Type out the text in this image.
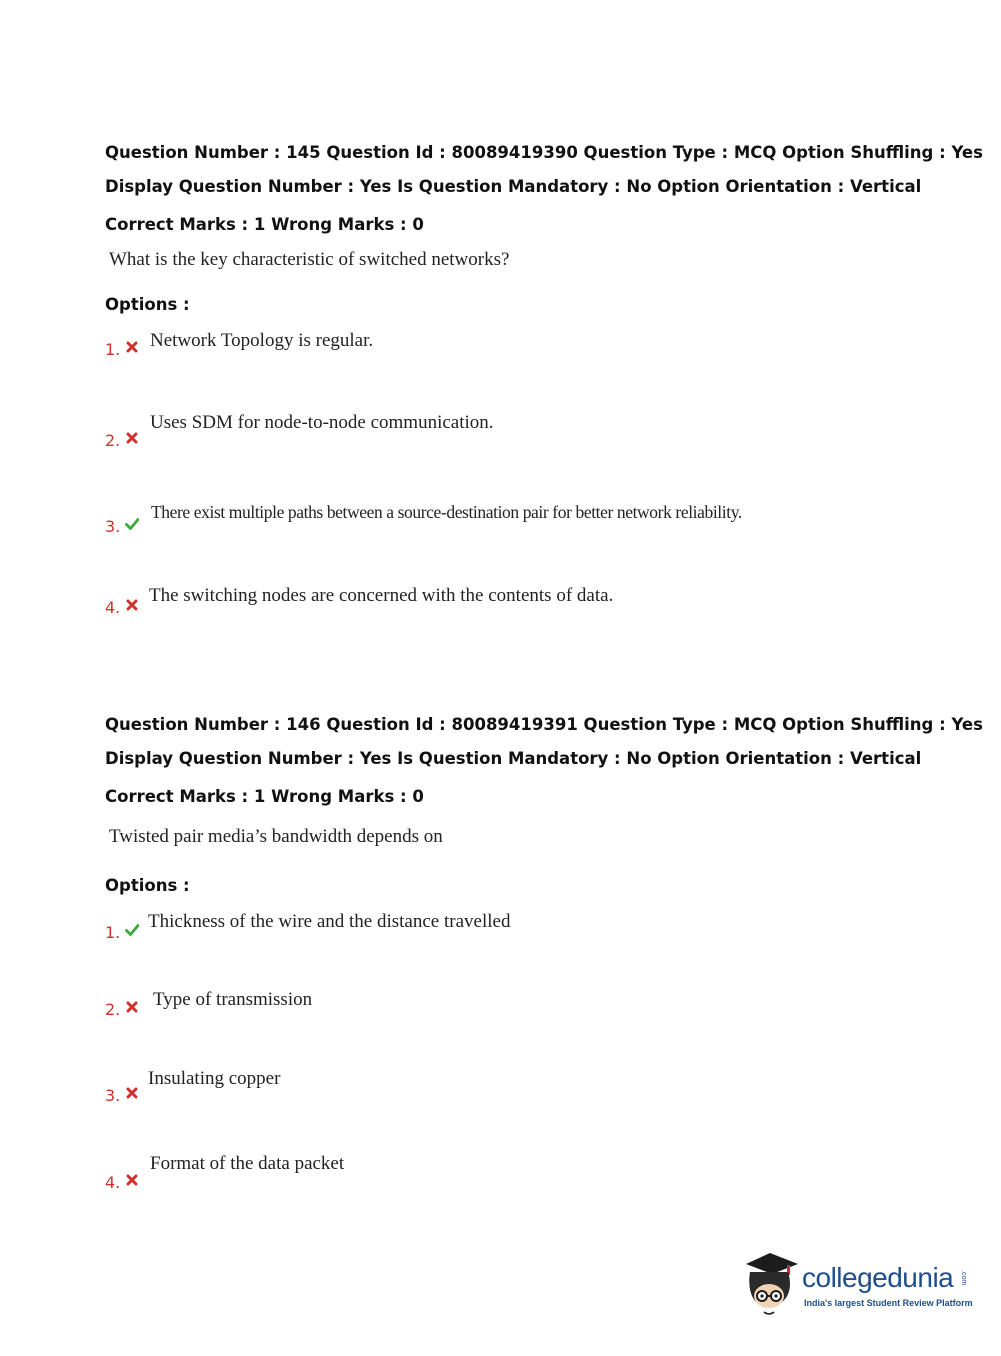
Question Number : 145 Question Id : 80089419390 Question Type : MCQ Option Shuffling : Yes
Display Question Number : Yes Is Question Mandatory : No Option Orientation : Vertical
Correct Marks : 1 Wrong Marks : 0
What is the key characteristic of switched networks?
Options :
1. Network Topology is regular.
2.
Uses SDM for node-to-node communication.
3.
There exist multiple paths between a source-destination pair for better network reliability.
4.
The switching nodes are concerned with the contents of data.
Question Number : 146 Question Id : 80089419391 Question Type : MCQ Option Shuffling : Yes
Display Question Number : Yes Is Question Mandatory : No Option Orientation : Vertical
Correct Marks : 1 Wrong Marks : 0
Twisted pair media’s bandwidth depends on
Options :
1.
Thickness of the wire and the distance travelled
2. Type of transmission
3.
Insulating copper
4.
Format of the data packet
collegedunia .com
India's largest Student Review Platform
